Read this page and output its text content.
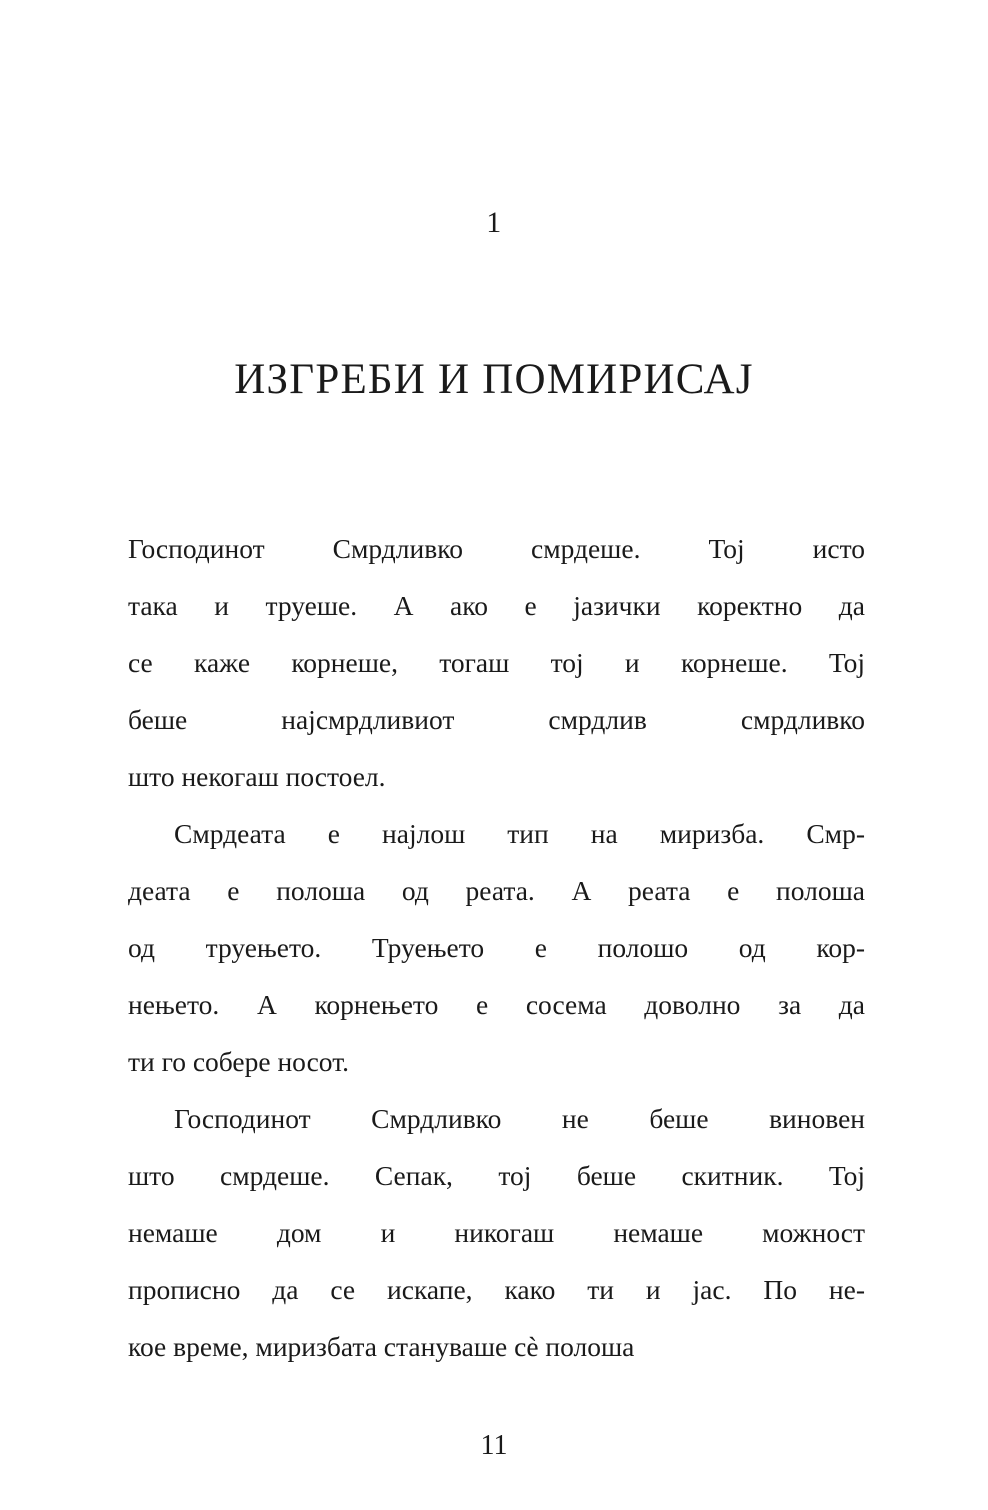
1
ИЗГРЕБИ И ПОМИРИСАЈ

Господинот Смрдливко смрдеше. Тој исто
така и труеше. А ако е јазички коректно да
се каже корнеше, тогаш тој и корнеше. Тој
беше најсмрдливиот смрдлив смрдливко
што некогаш постоел.

Смрдеата е најлош тип на миризба. Смр-
деата е полоша од реата. А реата е полоша
од труењето. Труењето е полошо од кор-
нењето. А корнењето е сосема доволно за да
ти го собере носот.

Господинот Смрдливко не беше виновен
што смрдеше. Сепак, тој беше скитник. Тој
немаше дом и никогаш немаше можност
прописно да се искапе, како ти и јас. По не-
кое време, миризбата стануваше сѐ полоша

11
